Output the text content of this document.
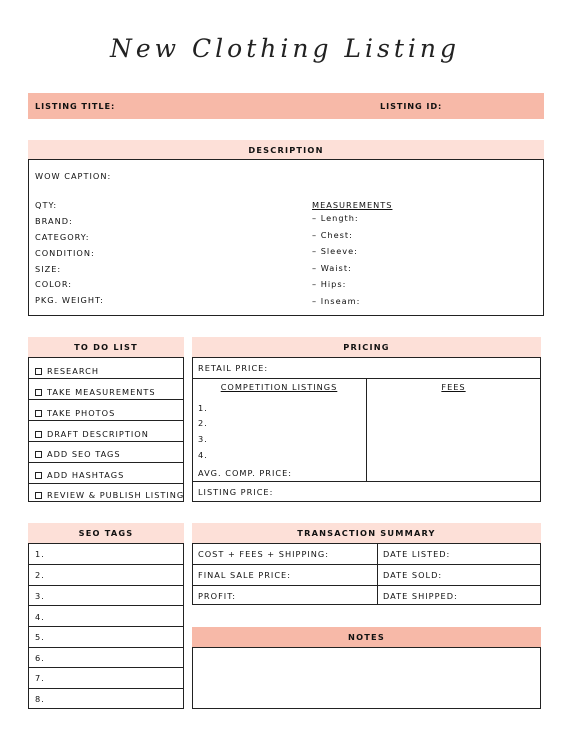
New Clothing Listing
LISTING TITLE:	LISTING ID:
DESCRIPTION
WOW CAPTION:
QTY:
BRAND:
CATEGORY:
CONDITION:
SIZE:
COLOR:
PKG. WEIGHT:
MEASUREMENTS
– Length:
– Chest:
– Sleeve:
– Waist:
– Hips:
– Inseam:
TO DO LIST
RESEARCH
TAKE MEASUREMENTS
TAKE PHOTOS
DRAFT DESCRIPTION
ADD SEO TAGS
ADD HASHTAGS
REVIEW & PUBLISH LISTING
PRICING
RETAIL PRICE:
COMPETITION LISTINGS	FEES
1.
2.
3.
4.
AVG. COMP. PRICE:
LISTING PRICE:
SEO TAGS
1.
2.
3.
4.
5.
6.
7.
8.
TRANSACTION SUMMARY
COST + FEES + SHIPPING:	DATE LISTED:
FINAL SALE PRICE:	DATE SOLD:
PROFIT:	DATE SHIPPED:
NOTES
